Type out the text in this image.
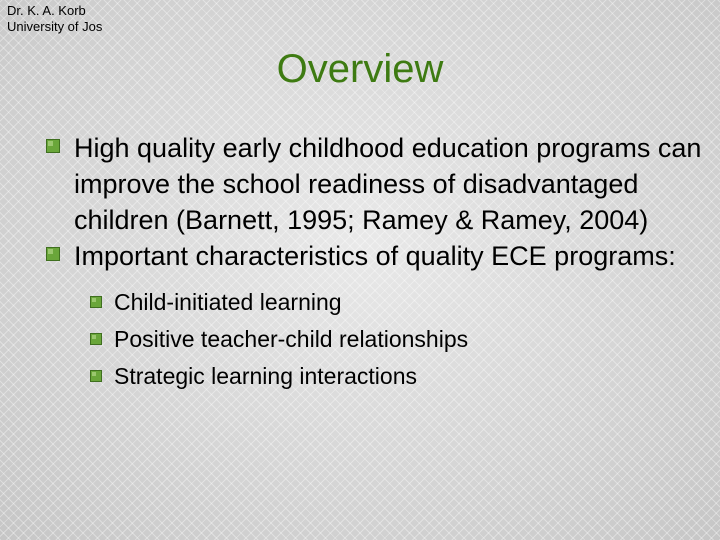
Dr. K. A. Korb
University of Jos
Overview
High quality early childhood education programs can improve the school readiness of disadvantaged children (Barnett, 1995; Ramey & Ramey, 2004)
Important characteristics of quality ECE programs:
Child-initiated learning
Positive teacher-child relationships
Strategic learning interactions
